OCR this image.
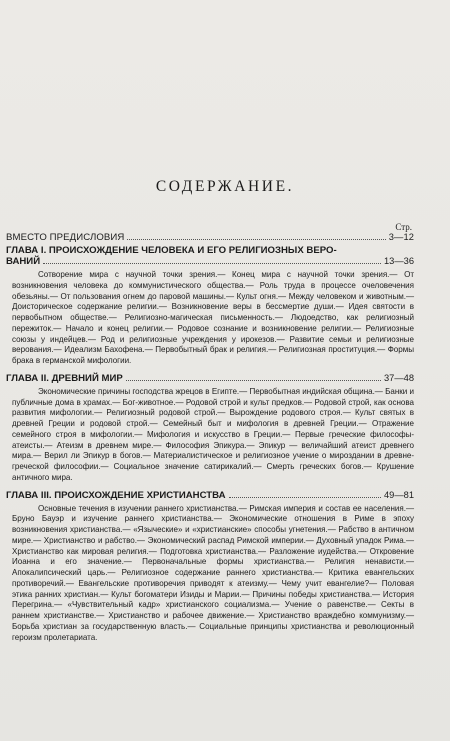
СОДЕРЖАНИЕ.
Стр.
ВМЕСТО ПРЕДИСЛОВИЯ	3—12
ГЛАВА I. ПРОИСХОЖДЕНИЕ ЧЕЛОВЕКА И ЕГО РЕЛИГИОЗНЫХ ВЕРО-
ВАНИЙ	13—36

Сотворение мира с научной точки зрения.— Конец мира с научной точки зрения.— От возникновения человека до коммунистического общества.— Роль труда в процессе очеловечения обезьяны.— От пользования огнем до паровой машины.— Культ огня.— Между человеком и животным.— Доисторическое содержание религии.— Возникновение веры в бессмертие души.— Идея святости в первобытном обществе.— Религиозно-магическая письменность.— Людоедство, как религиозный пережиток.— Начало и конец религии.— Родовое сознание и возникновение религии.— Религиозные союзы у индейцев.— Род и религиозные учреждения у ирокезов.— Развитие семьи и религиозные верования.— Идеализм Бахофена.— Первобытный брак и религия.— Религиозная проституция.— Формы брака в германской мифологии.

ГЛАВА II. ДРЕВНИЙ МИР	37—48

Экономические причины господства жрецов в Египте.— Первобытная индийская община.— Банки и публичные дома в храмах.— Бог-животное.— Родовой строй и культ предков.— Родовой строй, как основа развития мифологии.— Религиозный родовой строй.— Вырождение родового строя.— Культ святых в древней Греции и родовой строй.— Семейный быт и мифология в древней Греции.— Отражение семейного строя в мифологии.— Мифология и искусство в Греции.— Первые греческие философы-атеисты.— Атеизм в древнем мире.— Философия Эпикура.— Эпикур — величайший атеист древнего мира.— Верил ли Эпикур в богов.— Материалистическое и религиозное учение о мироздании в древне-греческой философии.— Социальное значение сатирикалий.— Смерть греческих богов.— Крушение античного мира.

ГЛАВА III. ПРОИСХОЖДЕНИЕ ХРИСТИАНСТВА	49—81

Основные течения в изучении раннего христианства.— Римская империя и состав ее населения.— Бруно Бауэр и изучение раннего христианства.— Экономические отношения в Риме в эпоху возникновения христианства.— «Языческие» и «христианские» способы угнетения.— Рабство в античном мире.— Христианство и рабство.— Экономический распад Римской империи.— Духовный упадок Рима.— Христианство как мировая религия.— Подготовка христианства.— Разложение иудейства.— Откровение Иоанна и его значение.— Первоначальные формы христианства.— Религия ненависти.— Апокалипсический царь.— Религиозное содержание раннего христианства.— Критика евангельских противоречий.— Евангельские противоречия приводят к атеизму.— Чему учит евангелие?— Половая этика ранних христиан.— Культ богоматери Изиды и Марии.— Причины победы христианства.— История Перегрина.— «Чувствительный кадр» христианского социализма.— Учение о равенстве.— Секты в раннем христианстве.— Христианство и рабочее движение.— Христианство враждебно коммунизму.— Борьба христиан за государственную власть.— Социальные принципы христианства и революционный героизм пролетариата.
